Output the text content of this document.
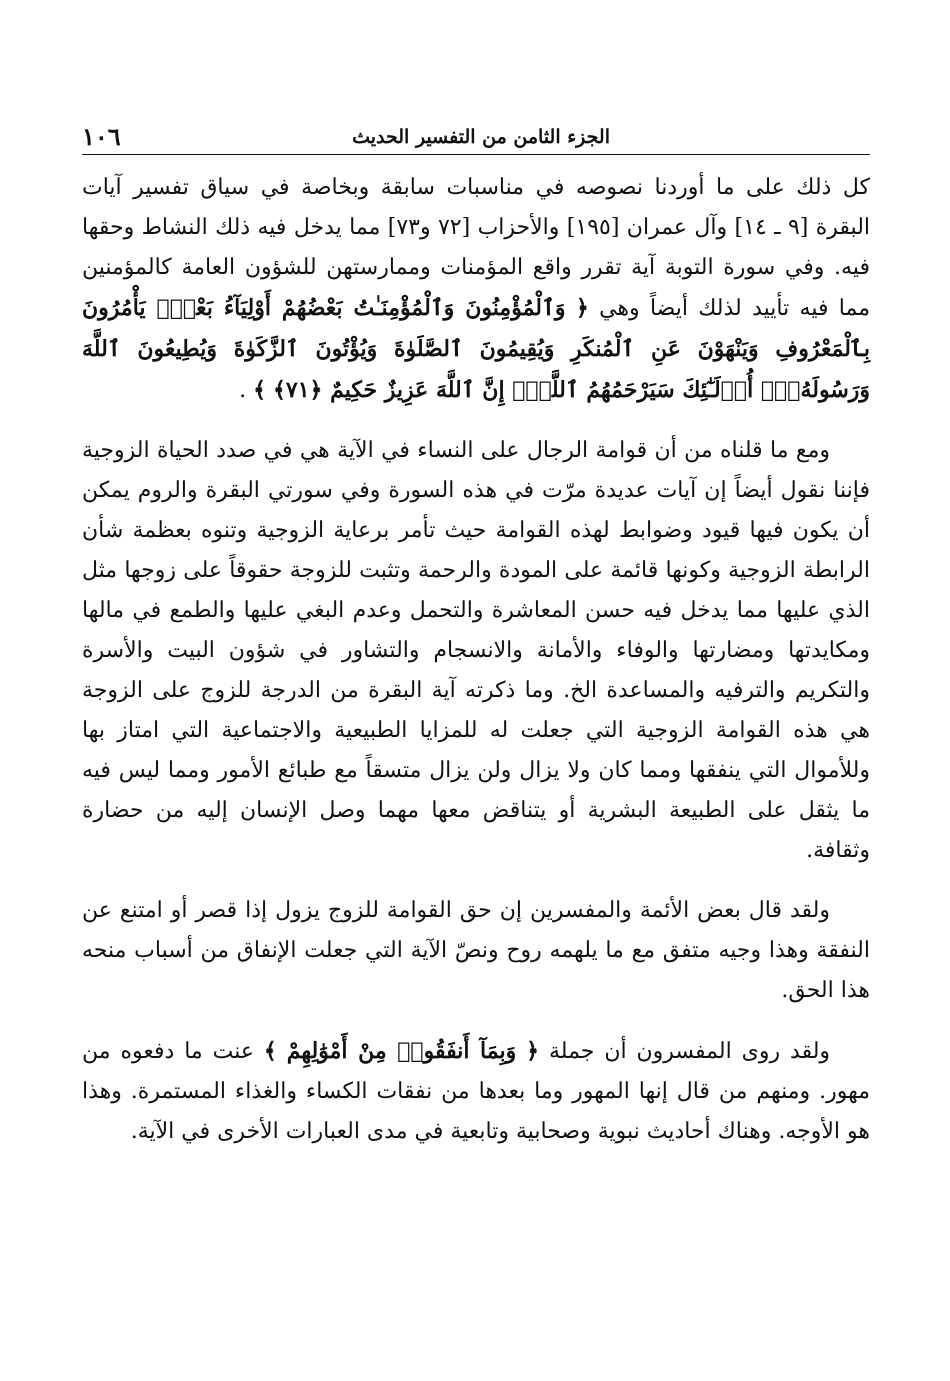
الجزء الثامن من التفسير الحديث
١٠٦

كل ذلك على ما أوردنا نصوصه في مناسبات سابقة وبخاصة في سياق تفسير آيات البقرة [٩ ـ ١٤] وآل عمران [١٩٥] والأحزاب [٧٢ و٧٣] مما يدخل فيه ذلك النشاط وحقها فيه. وفي سورة التوبة آية تقرر واقع المؤمنات وممارستهن للشؤون العامة كالمؤمنين مما فيه تأييد لذلك أيضاً وهي ﴿ وَٱلْمُؤْمِنُونَ وَٱلْمُؤْمِنَـٰتُ بَعْضُهُمْ أَوْلِيَآءُ بَعْضٍۚ يَأْمُرُونَ بِٱلْمَعْرُوفِ وَيَنْهَوْنَ عَنِ ٱلْمُنكَرِ وَيُقِيمُونَ ٱلصَّلَوٰةَ وَيُؤْتُونَ ٱلزَّكَوٰةَ وَيُطِيعُونَ ٱللَّهَ وَرَسُولَهُۥٓۚ أُو۟لَـٰٓئِكَ سَيَرْحَمُهُمُ ٱللَّهُۗ إِنَّ ٱللَّهَ عَزِيزٌ حَكِيمٌ ﴿٧١﴾ ﴾ .

ومع ما قلناه من أن قوامة الرجال على النساء في الآية هي في صدد الحياة الزوجية فإننا نقول أيضاً إن آيات عديدة مرّت في هذه السورة وفي سورتي البقرة والروم يمكن أن يكون فيها قيود وضوابط لهذه القوامة حيث تأمر برعاية الزوجية وتنوه بعظمة شأن الرابطة الزوجية وكونها قائمة على المودة والرحمة وتثبت للزوجة حقوقاً على زوجها مثل الذي عليها مما يدخل فيه حسن المعاشرة والتحمل وعدم البغي عليها والطمع في مالها ومكايدتها ومضارتها والوفاء والأمانة والانسجام والتشاور في شؤون البيت والأسرة والتكريم والترفيه والمساعدة الخ. وما ذكرته آية البقرة من الدرجة للزوج على الزوجة هي هذه القوامة الزوجية التي جعلت له للمزايا الطبيعية والاجتماعية التي امتاز بها وللأموال التي ينفقها ومما كان ولا يزال ولن يزال متسقاً مع طبائع الأمور ومما ليس فيه ما يثقل على الطبيعة البشرية أو يتناقض معها مهما وصل الإنسان إليه من حضارة وثقافة.

ولقد قال بعض الأئمة والمفسرين إن حق القوامة للزوج يزول إذا قصر أو امتنع عن النفقة وهذا وجيه متفق مع ما يلهمه روح ونصّ الآية التي جعلت الإنفاق من أسباب منحه هذا الحق.

ولقد روى المفسرون أن جملة ﴿ وَبِمَآ أَنفَقُوا۟ مِنْ أَمْوَٰلِهِمْ ﴾ عنت ما دفعوه من مهور. ومنهم من قال إنها المهور وما بعدها من نفقات الكساء والغذاء المستمرة. وهذا هو الأوجه. وهناك أحاديث نبوية وصحابية وتابعية في مدى العبارات الأخرى في الآية.
